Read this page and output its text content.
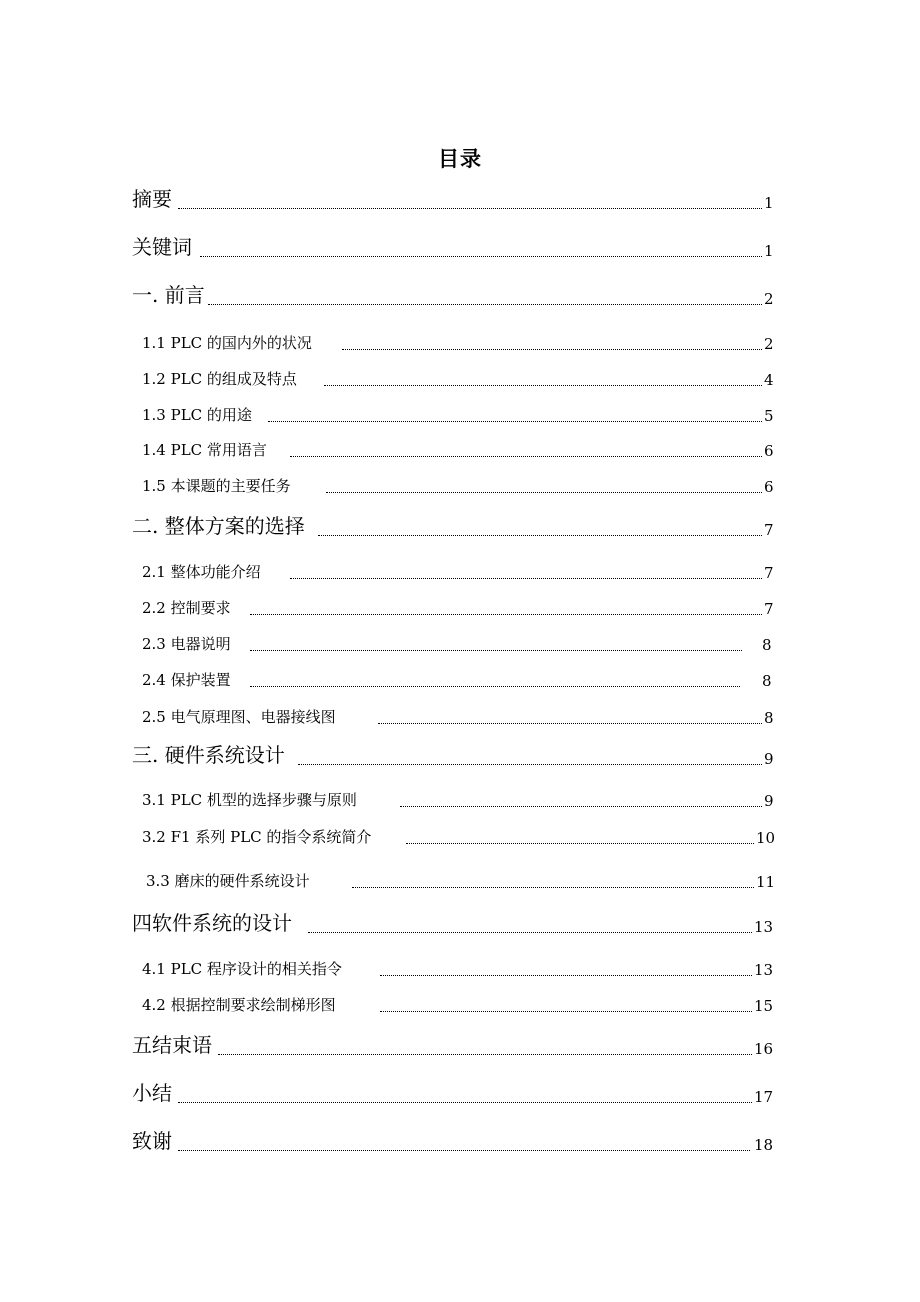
目录
摘要	1
关键词	1
一. 前言	2
1.1 PLC 的国内外的状况	2
1.2 PLC 的组成及特点	4
1.3 PLC 的用途	5
1.4 PLC 常用语言	6
1.5 本课题的主要任务	6
二. 整体方案的选择	7
2.1 整体功能介绍	7
2.2 控制要求	7
2.3 电器说明	8
2.4 保护装置	8
2.5 电气原理图、电器接线图	8
三. 硬件系统设计	9
3.1 PLC 机型的选择步骤与原则	9
3.2 F1 系列 PLC 的指令系统简介	10
3.3 磨床的硬件系统设计	11
四软件系统的设计	13
4.1 PLC 程序设计的相关指令	13
4.2 根据控制要求绘制梯形图	15
五结束语	16
小结	17
致谢	18
